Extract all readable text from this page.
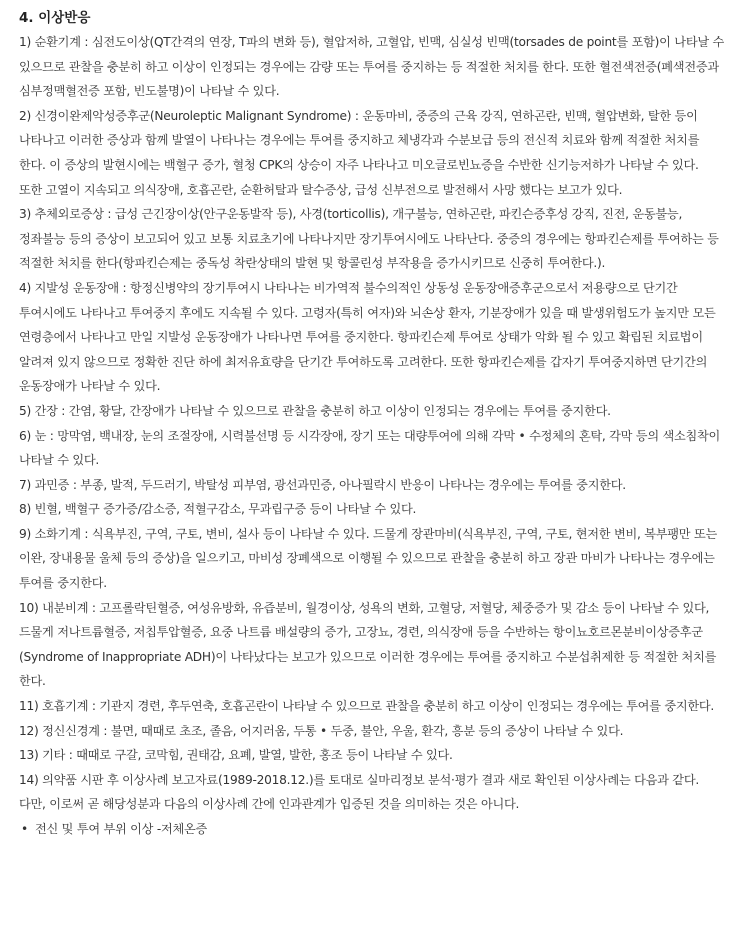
4. 이상반응

1) 순환기계 : 심전도이상(QT간격의 연장, T파의 변화 등), 혈압저하, 고혈압, 빈맥, 심실성 빈맥(torsades de point를 포함)이 나타날 수 있으므로 관찰을 충분히 하고 이상이 인정되는 경우에는 감량 또는 투여를 중지하는 등 적절한 처치를 한다. 또한 혈전색전증(폐색전증과 심부정맥혈전증 포함, 빈도불명)이 나타날 수 있다.

2) 신경이완제악성증후군(Neuroleptic Malignant Syndrome) : 운동마비, 중증의 근육 강직, 연하곤란, 빈맥, 혈압변화, 탈한 등이 나타나고 이러한 증상과 함께 발열이 나타나는 경우에는 투여를 중지하고 체냉각과 수분보급 등의 전신적 치료와 함께 적절한 처치를 한다. 이 증상의 발현시에는 백혈구 증가, 혈청 CPK의 상승이 자주 나타나고 미오글로빈뇨증을 수반한 신기능저하가 나타날 수 있다. 또한 고열이 지속되고 의식장애, 호흡곤란, 순환허탈과 탈수증상, 급성 신부전으로 발전해서 사망 했다는 보고가 있다.

3) 추체외로증상 : 급성 근긴장이상(안구운동발작 등), 사경(torticollis), 개구불능, 연하곤란, 파킨슨증후성 강직, 진전, 운동불능, 정좌불능 등의 증상이 보고되어 있고 보통 치료초기에 나타나지만 장기투여시에도 나타난다. 중증의 경우에는 항파킨슨제를 투여하는 등 적절한 처치를 한다(항파킨슨제는 중독성 착란상태의 발현 및 항콜린성 부작용을 증가시키므로 신중히 투여한다.).

4) 지발성 운동장애 : 항정신병약의 장기투여시 나타나는 비가역적 불수의적인 상동성 운동장애증후군으로서 저용량으로 단기간 투여시에도 나타나고 투여중지 후에도 지속될 수 있다. 고령자(특히 여자)와 뇌손상 환자, 기분장애가 있을 때 발생위험도가 높지만 모든 연령층에서 나타나고 만일 지발성 운동장애가 나타나면 투여를 중지한다. 항파킨슨제 투여로 상태가 악화 될 수 있고 확립된 치료법이 알려져 있지 않으므로 정확한 진단 하에 최저유효량을 단기간 투여하도록 고려한다. 또한 항파킨슨제를 갑자기 투여중지하면 단기간의 운동장애가 나타날 수 있다.

5) 간장 : 간염, 황달, 간장애가 나타날 수 있으므로 관찰을 충분히 하고 이상이 인정되는 경우에는 투여를 중지한다.

6) 눈 : 망막염, 백내장, 눈의 조절장애, 시력불선명 등 시각장애, 장기 또는 대량투여에 의해 각막 • 수정체의 혼탁, 각막 등의 색소침착이 나타날 수 있다.

7) 과민증 : 부종, 발적, 두드러기, 박탈성 피부염, 광선과민증, 아나필락시 반응이 나타나는 경우에는 투여를 중지한다.

8) 빈혈, 백혈구 증가증/감소증, 적혈구감소, 무과립구증 등이 나타날 수 있다.

9) 소화기계 : 식욕부진, 구역, 구토, 변비, 설사 등이 나타날 수 있다. 드물게 장관마비(식욕부진, 구역, 구토, 현저한 변비, 복부팽만 또는 이완, 장내용물 울체 등의 증상)을 일으키고, 마비성 장폐색으로 이행될 수 있으므로 관찰을 충분히 하고 장관 마비가 나타나는 경우에는 투여를 중지한다.

10) 내분비계 : 고프롤락틴혈증, 여성유방화, 유즙분비, 월경이상, 성욕의 변화, 고혈당, 저혈당, 체중증가 및 감소 등이 나타날 수 있다, 드물게 저나트륨혈증, 저칩투압혈증, 요중 나트륨 배설량의 증가, 고장뇨, 경련, 의식장애 등을 수반하는 항이뇨호르몬분비이상증후군(Syndrome of Inappropriate ADH)이 나타났다는 보고가 있으므로 이러한 경우에는 투여를 중지하고 수분섭취제한 등 적절한 처치를 한다.

11) 호흡기계 : 기관지 경련, 후두연축, 호흡곤란이 나타날 수 있으므로 관찰을 충분히 하고 이상이 인정되는 경우에는 투여를 중지한다.

12) 정신신경계 : 불면, 때때로 초조, 졸음, 어지러움, 두통 • 두중, 불안, 우울, 환각, 흥분 등의 증상이 나타날 수 있다.

13) 기타 : 때때로 구갈, 코막힘, 권태감, 요폐, 발열, 발한, 홍조 등이 나타날 수 있다.

14) 의약품 시판 후 이상사례 보고자료(1989-2018.12.)를 토대로 실마리정보 분석·평가 결과 새로 확인된 이상사례는 다음과 같다. 다만, 이로써 곧 해당성분과 다음의 이상사례 간에 인과관계가 입증된 것을 의미하는 것은 아니다.

• 전신 및 투여 부위 이상 -저체온증
